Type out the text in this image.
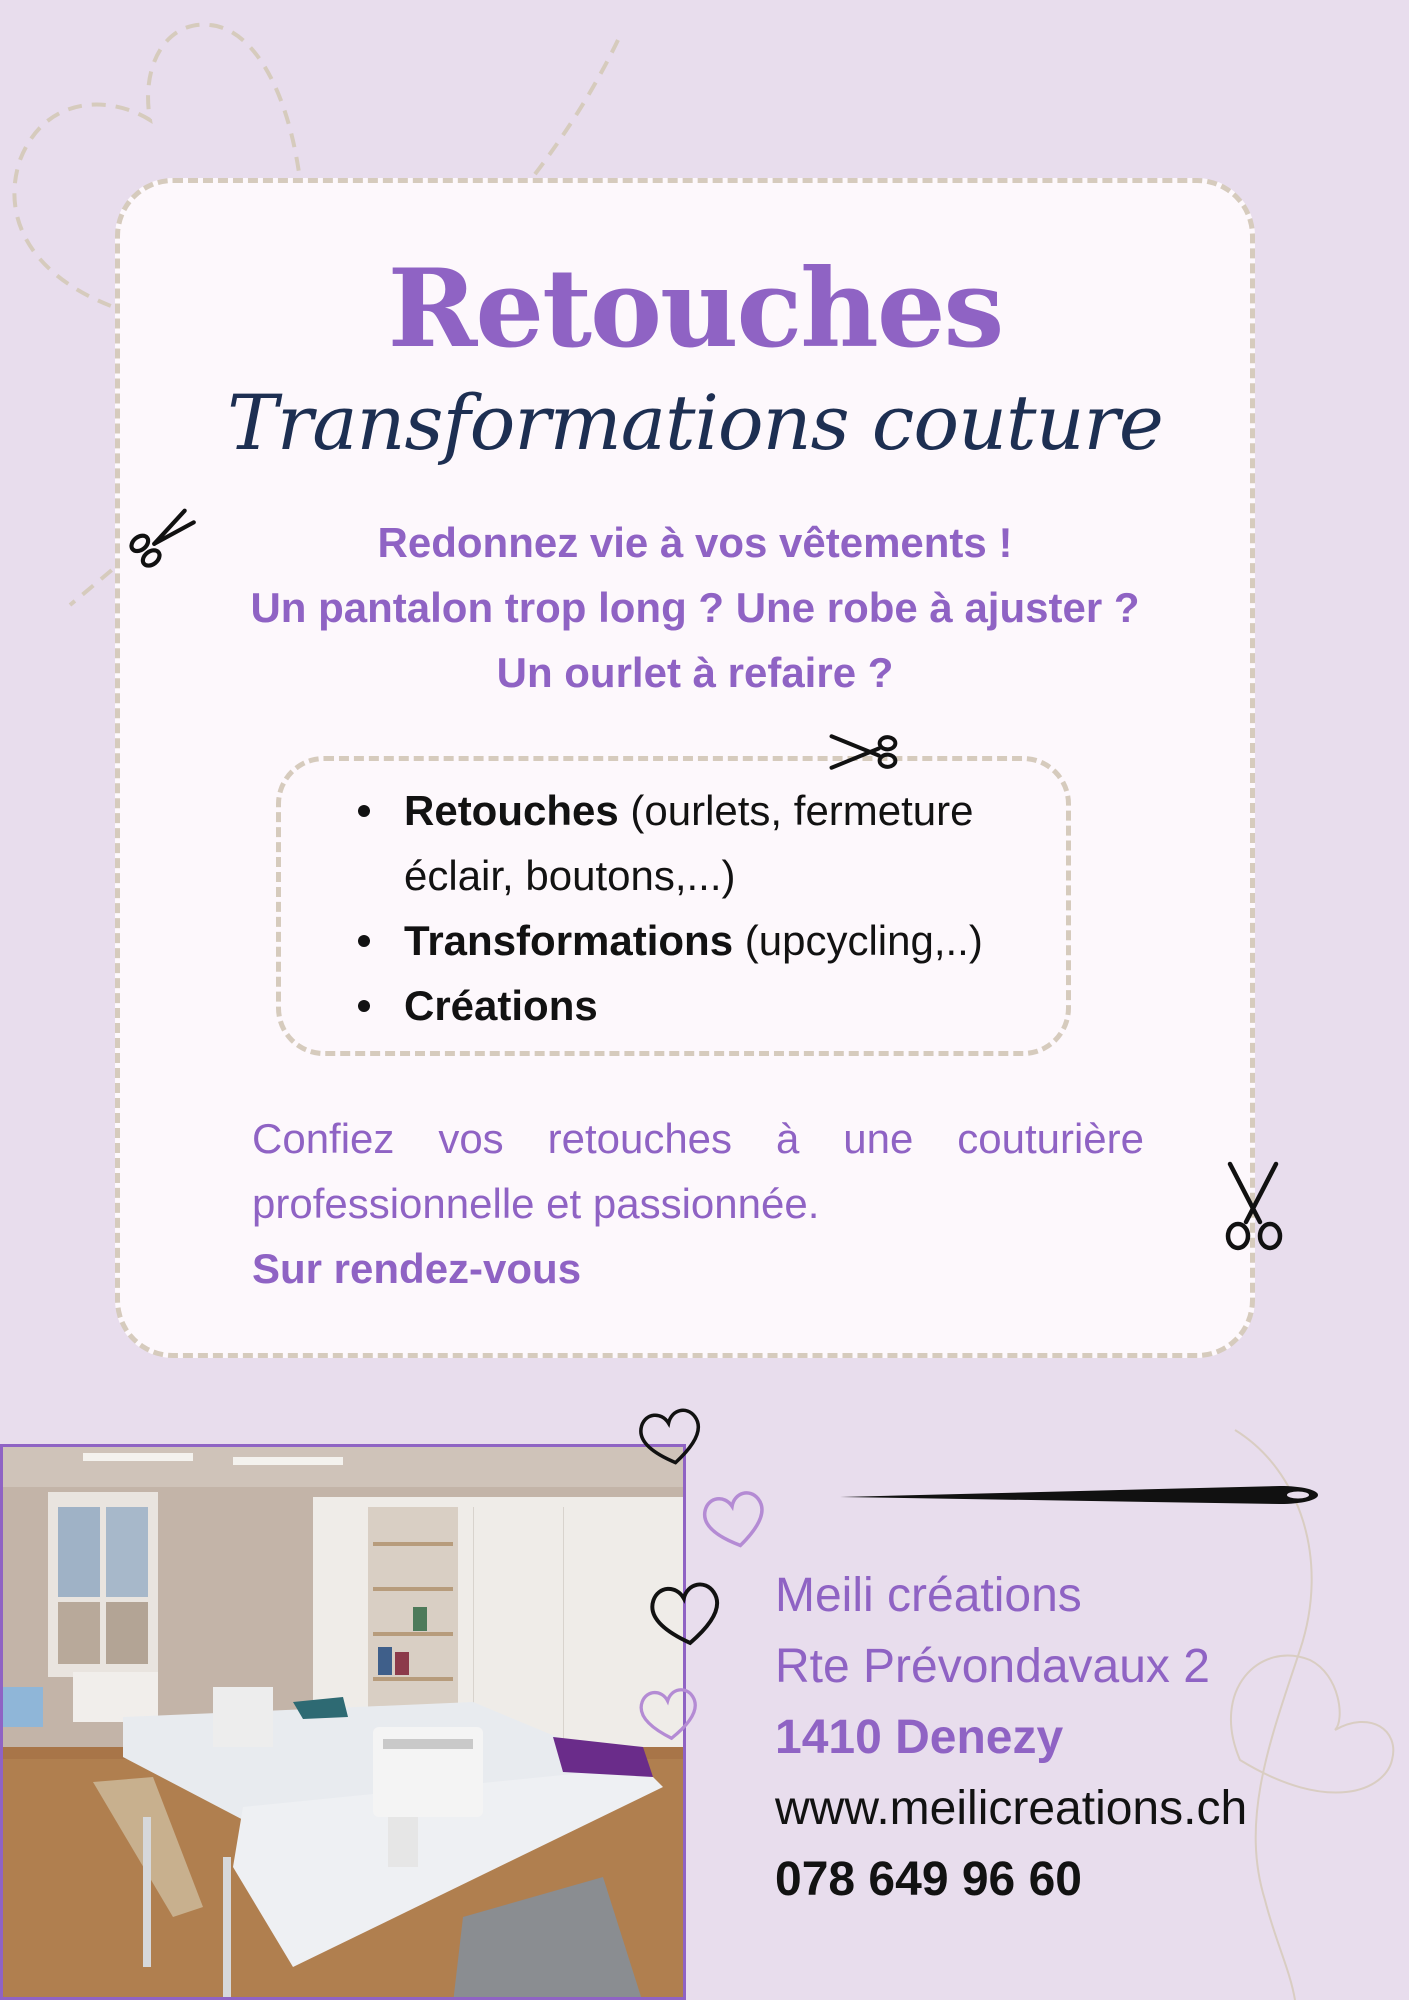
Retouches
Transformations couture
Redonnez vie à vos vêtements !
Un pantalon trop long ? Une robe à ajuster ?
Un ourlet à refaire ?
Retouches (ourlets, fermeture éclair, boutons,...)
Transformations (upcycling,..)
Créations
Confiez vos retouches à une couturière
professionnelle et passionnée.
Sur rendez-vous
Meili créations
Rte Prévondavaux 2
1410 Denezy
www.meilicreations.ch
078 649 96 60
